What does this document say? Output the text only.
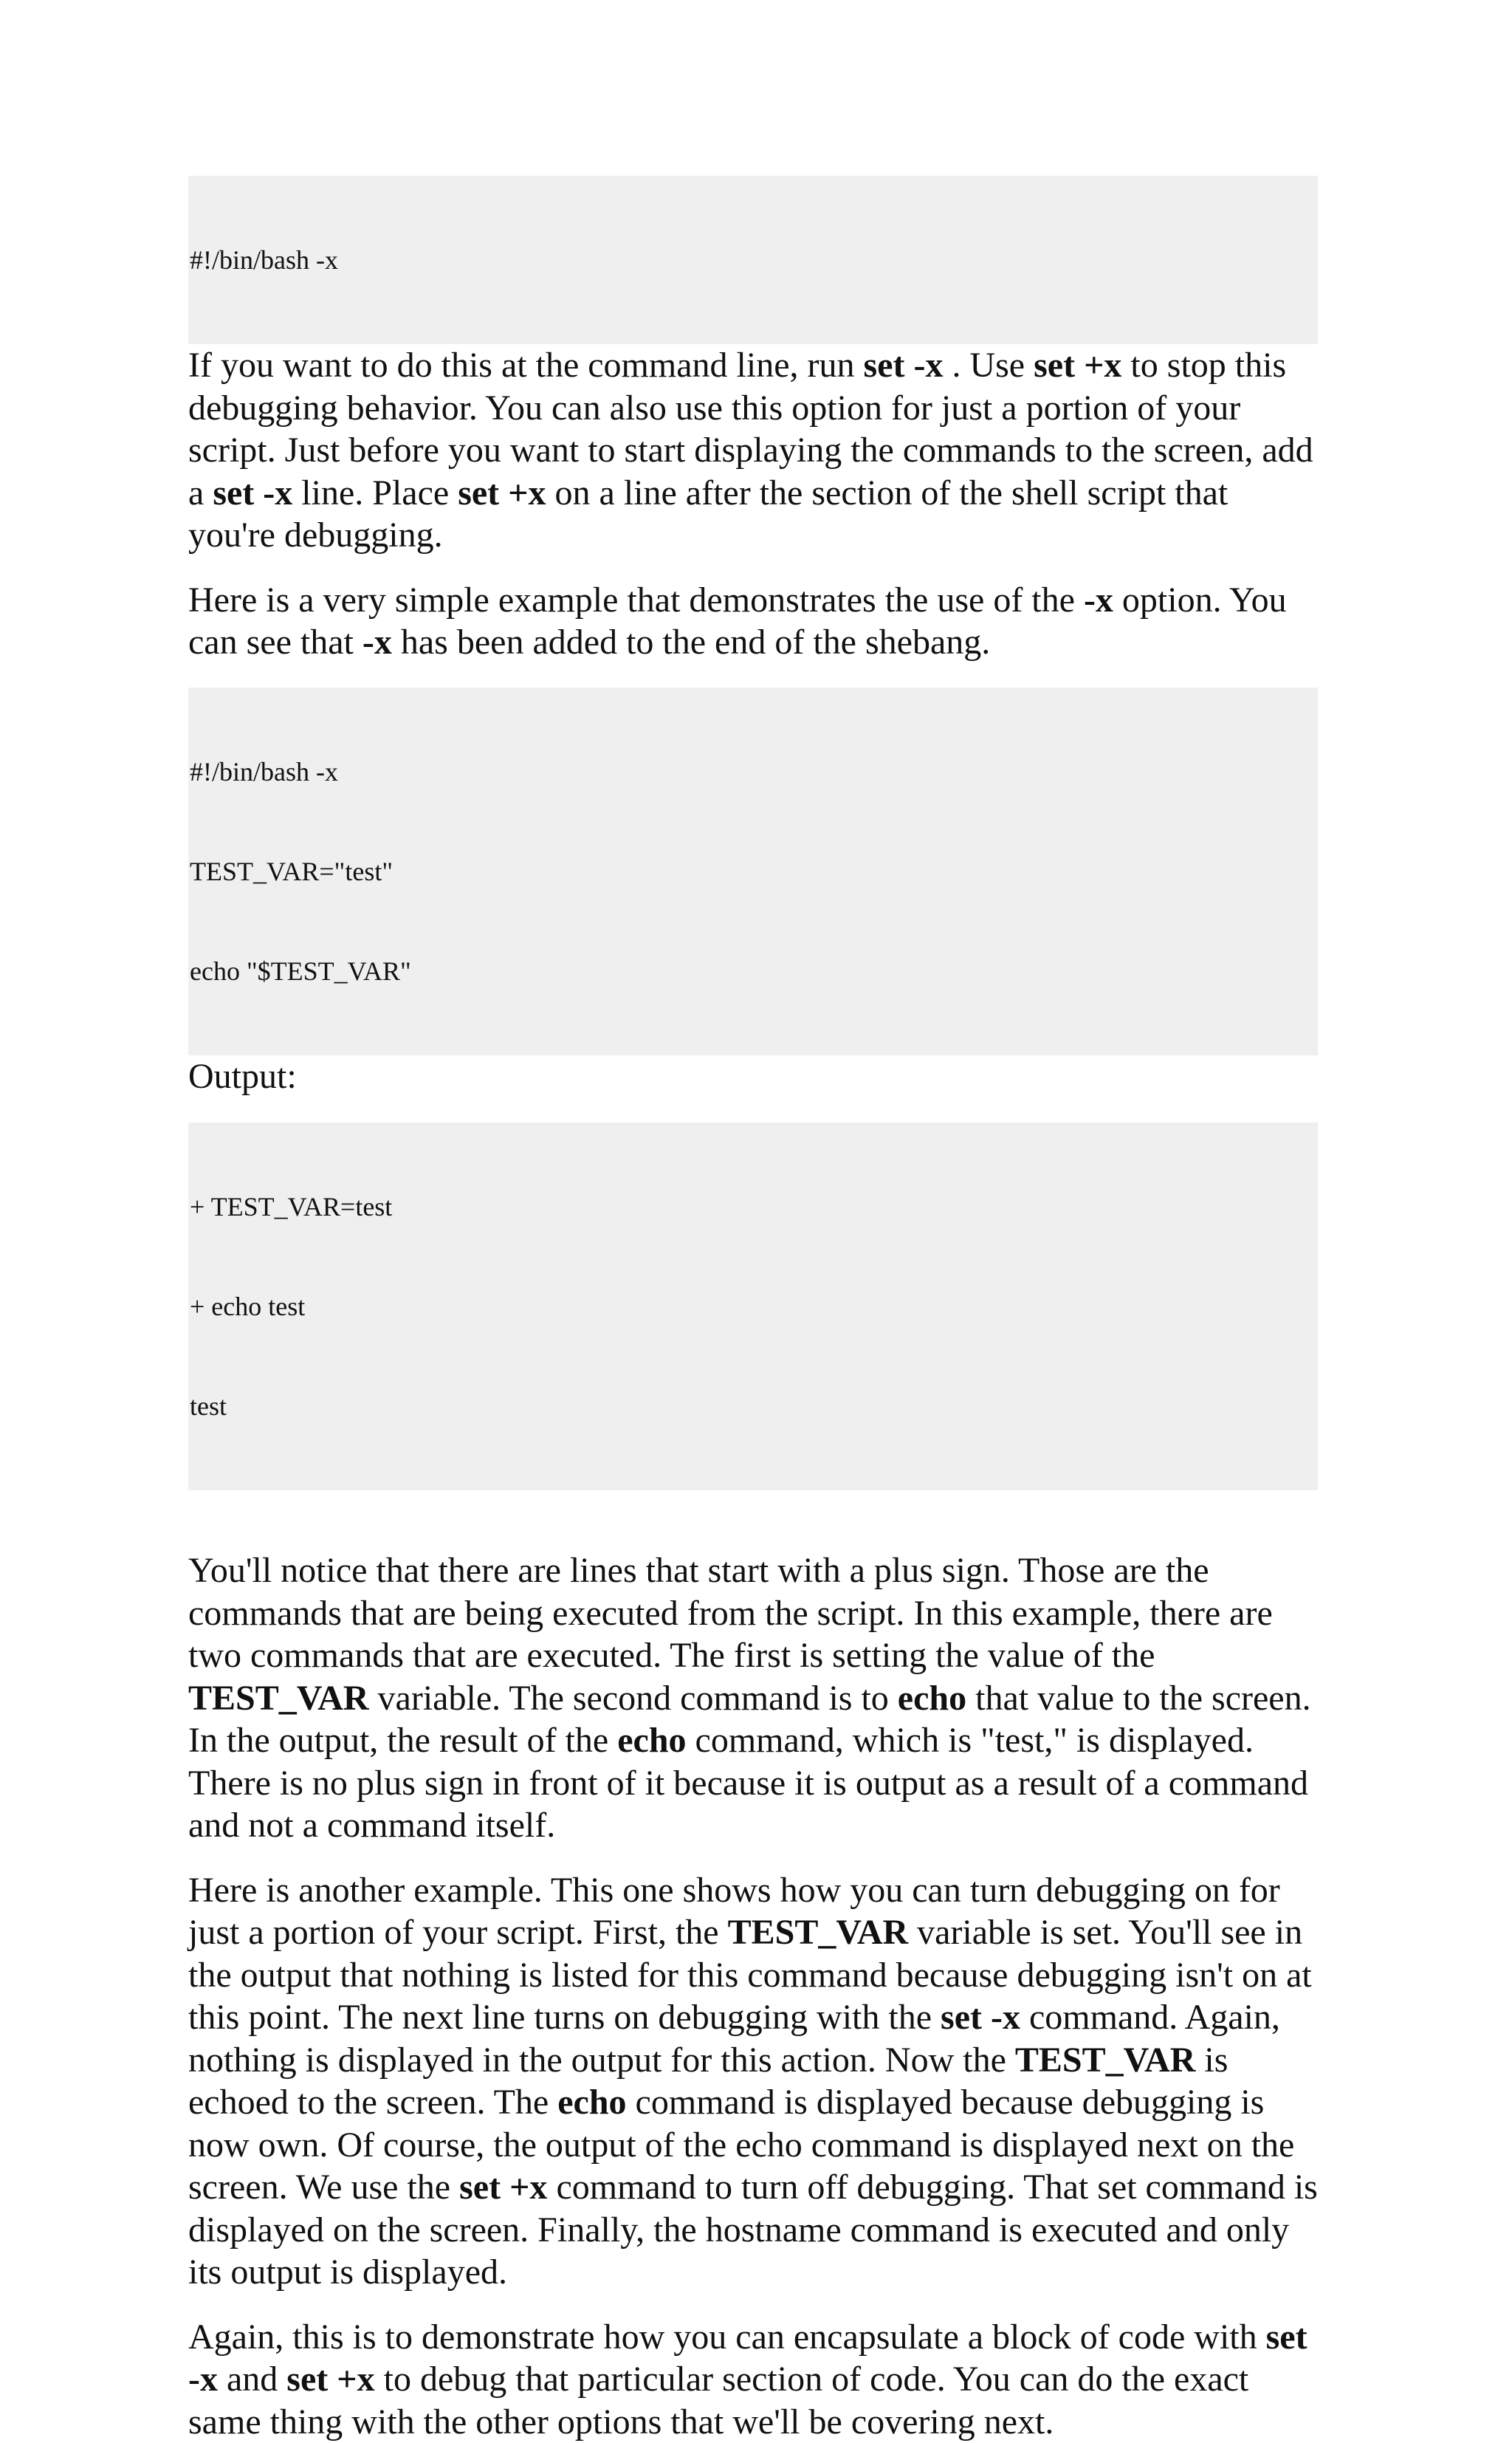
#!/bin/bash -x

If you want to do this at the command line, run set -x . Use set +x to stop this debugging behavior. You can also use this option for just a portion of your script. Just before you want to start displaying the commands to the screen, add a set -x line. Place set +x on a line after the section of the shell script that you're debugging.

Here is a very simple example that demonstrates the use of the -x option. You can see that -x has been added to the end of the shebang.

#!/bin/bash -x

TEST_VAR="test"

echo "$TEST_VAR"

Output:

+ TEST_VAR=test

+ echo test

test

You'll notice that there are lines that start with a plus sign. Those are the commands that are being executed from the script. In this example, there are two commands that are executed. The first is setting the value of the TEST_VAR variable. The second command is to echo that value to the screen. In the output, the result of the echo command, which is "test," is displayed. There is no plus sign in front of it because it is output as a result of a command and not a command itself.

Here is another example. This one shows how you can turn debugging on for just a portion of your script. First, the TEST_VAR variable is set. You'll see in the output that nothing is listed for this command because debugging isn't on at this point. The next line turns on debugging with the set -x command. Again, nothing is displayed in the output for this action. Now the TEST_VAR is echoed to the screen. The echo command is displayed because debugging is now own. Of course, the output of the echo command is displayed next on the screen. We use the set +x command to turn off debugging. That set command is displayed on the screen. Finally, the hostname command is executed and only its output is displayed.

Again, this is to demonstrate how you can encapsulate a block of code with set -x and set +x to debug that particular section of code. You can do the exact same thing with the other options that we'll be covering next.
